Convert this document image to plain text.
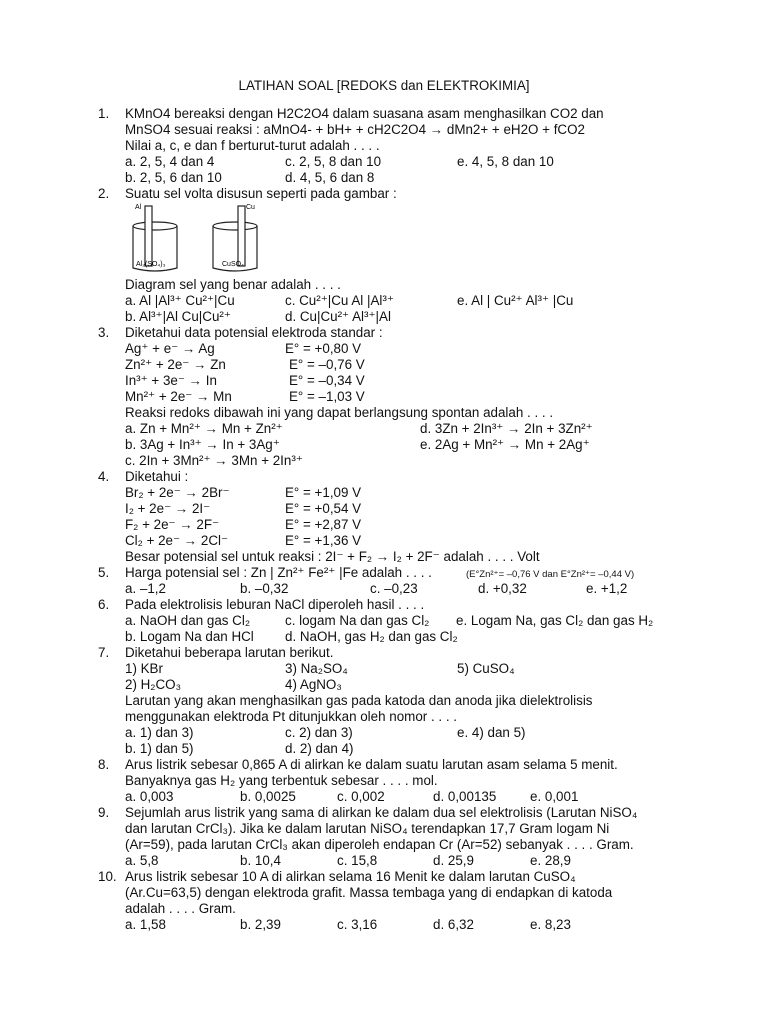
LATIHAN SOAL [REDOKS dan ELEKTROKIMIA]
1. KMnO4 bereaksi dengan H2C2O4 dalam suasana asam menghasilkan CO2 dan
MnSO4 sesuai reaksi : aMnO4- + bH+ + cH2C2O4 → dMn2+ + eH2O + fCO2
Nilai a, c, e dan f berturut-turut adalah . . . .
a. 2, 5, 4 dan 4	c. 2, 5, 8 dan 10	e. 4, 5, 8 dan 10
b. 2, 5, 6 dan 10	d. 4, 5, 6 dan 8
2. Suatu sel volta disusun seperti pada gambar :
Al
Al₂(SO₄)₃
Cu
CuSO₄
Diagram sel yang benar adalah . . . .
a. Al |Al³⁺ Cu²⁺|Cu	c. Cu²⁺|Cu Al |Al³⁺	e. Al | Cu²⁺ Al³⁺ |Cu
b. Al³⁺|Al Cu|Cu²⁺	d. Cu|Cu²⁺ Al³⁺|Al
3. Diketahui data potensial elektroda standar :
Ag⁺ + e⁻ → Ag	E° = +0,80 V
Zn²⁺ + 2e⁻ → Zn	E° = –0,76 V
In³⁺ + 3e⁻ → In	E° = –0,34 V
Mn²⁺ + 2e⁻ → Mn	E° = –1,03 V
Reaksi redoks dibawah ini yang dapat berlangsung spontan adalah . . . .
a. Zn + Mn²⁺ → Mn + Zn²⁺	d. 3Zn + 2In³⁺ → 2In + 3Zn²⁺
b. 3Ag + In³⁺ → In + 3Ag⁺	e. 2Ag + Mn²⁺ → Mn + 2Ag⁺
c. 2In + 3Mn²⁺ → 3Mn + 2In³⁺
4. Diketahui :
Br₂ + 2e⁻ → 2Br⁻	E° = +1,09 V
I₂ + 2e⁻ → 2I⁻	E° = +0,54 V
F₂ + 2e⁻ → 2F⁻	E° = +2,87 V
Cl₂ + 2e⁻ → 2Cl⁻	E° = +1,36 V
Besar potensial sel untuk reaksi : 2I⁻ + F₂ → I₂ + 2F⁻ adalah . . . . Volt
5. Harga potensial sel : Zn | Zn²⁺ Fe²⁺ |Fe adalah . . . .	(E°Zn²⁺= –0,76 V dan E°Zn²⁺= –0,44 V)
a. –1,2	b. –0,32	c. –0,23	d. +0,32	e. +1,2
6. Pada elektrolisis leburan NaCl diperoleh hasil . . . .
a. NaOH dan gas Cl₂	c. logam Na dan gas Cl₂ e. Logam Na, gas Cl₂ dan gas H₂
b. Logam Na dan HCl d. NaOH, gas H₂ dan gas Cl₂
7. Diketahui beberapa larutan berikut.
1) KBr	3) Na₂SO₄	5) CuSO₄
2) H₂CO₃	4) AgNO₃
Larutan yang akan menghasilkan gas pada katoda dan anoda jika dielektrolisis
menggunakan elektroda Pt ditunjukkan oleh nomor . . . .
a. 1) dan 3)	c. 2) dan 3)	e. 4) dan 5)
b. 1) dan 5)	d. 2) dan 4)
8. Arus listrik sebesar 0,865 A di alirkan ke dalam suatu larutan asam selama 5 menit.
Banyaknya gas H₂ yang terbentuk sebesar . . . . mol.
a. 0,003	b. 0,0025	c. 0,002	d. 0,00135	e. 0,001
9. Sejumlah arus listrik yang sama di alirkan ke dalam dua sel elektrolisis (Larutan NiSO₄
dan larutan CrCl₃). Jika ke dalam larutan NiSO₄ terendapkan 17,7 Gram logam Ni
(Ar=59), pada larutan CrCl₃ akan diperoleh endapan Cr (Ar=52) sebanyak . . . . Gram.
a. 5,8	b. 10,4	c. 15,8	d. 25,9	e. 28,9
10. Arus listrik sebesar 10 A di alirkan selama 16 Menit ke dalam larutan CuSO₄
(Ar.Cu=63,5) dengan elektroda grafit. Massa tembaga yang di endapkan di katoda
adalah . . . . Gram.
a. 1,58	b. 2,39	c. 3,16	d. 6,32	e. 8,23
